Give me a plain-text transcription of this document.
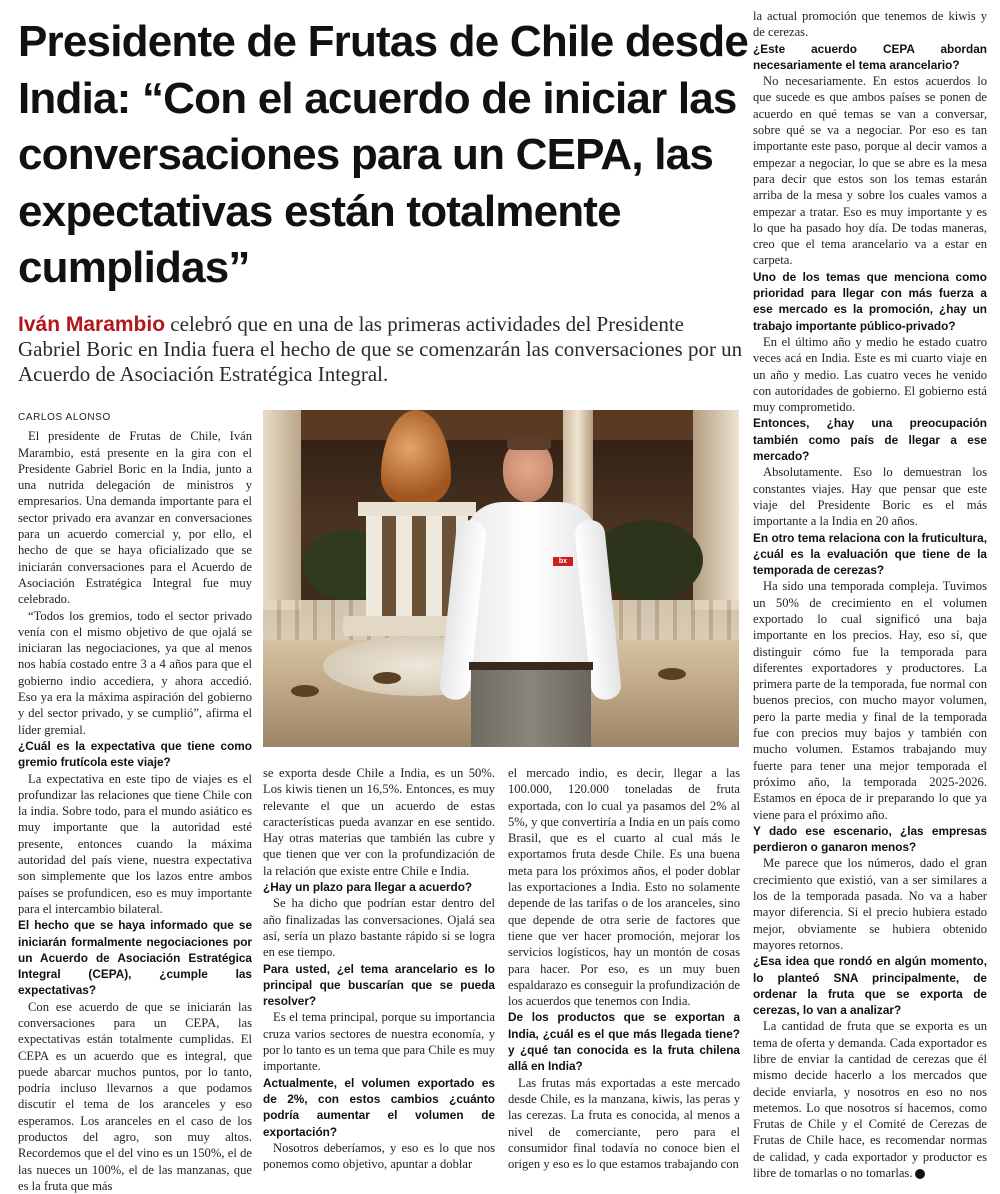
Presidente de Frutas de Chile desde India: “Con el acuerdo de iniciar las conversaciones para un CEPA, las expectativas están totalmente cumplidas”

Iván Marambio celebró que en una de las primeras actividades del Presidente Gabriel Boric en India fuera el hecho de que se comenzarán las conversaciones por un Acuerdo de Asociación Estratégica Integral.

CARLOS ALONSO

El presidente de Frutas de Chile, Iván Marambio, está presente en la gira con el Presidente Gabriel Boric en la India, junto a una nutrida delegación de ministros y empresarios. Una demanda importante para el sector privado era avanzar en conversaciones para un acuerdo comercial y, por ello, el hecho de que se haya oficializado que se iniciarán conversaciones para el Acuerdo de Asociación Estratégica Integral fue muy celebrado.

“Todos los gremios, todo el sector privado venía con el mismo objetivo de que ojalá se iniciaran las negociaciones, ya que al menos nos había costado entre 3 a 4 años para que el gobierno indio accediera, y ahora accedió. Eso ya era la máxima aspiración del gobierno y del sector privado, y se cumplió”, afirma el líder gremial.

¿Cuál es la expectativa que tiene como gremio frutícola este viaje?

La expectativa en este tipo de viajes es el profundizar las relaciones que tiene Chile con la india. Sobre todo, para el mundo asiático es muy importante que la autoridad esté presente, entonces cuando la máxima autoridad del país viene, nuestra expectativa son simplemente que los lazos entre ambos países se profundicen, eso es muy importante para el intercambio bilateral.

El hecho que se haya informado que se iniciarán formalmente negociaciones por un Acuerdo de Asociación Estratégica Integral (CEPA), ¿cumple las expectativas?

Con ese acuerdo de que se iniciarán las conversaciones para un CEPA, las expectativas están totalmente cumplidas. El CEPA es un acuerdo que es integral, que puede abarcar muchos puntos, por lo tanto, podría incluso llevarnos a que podamos discutir el tema de los aranceles y eso esperamos. Los aranceles en el caso de los productos del agro, son muy altos. Recordemos que el del vino es un 150%, el de las nueces un 100%, el de las manzanas, que es la fruta que más

se exporta desde Chile a India, es un 50%. Los kiwis tienen un 16,5%. Entonces, es muy relevante el que un acuerdo de estas características pueda avanzar en ese sentido. Hay otras materias que también las cubre y que tienen que ver con la profundización de la relación que existe entre Chile e India.

¿Hay un plazo para llegar a acuerdo?

Se ha dicho que podrían estar dentro del año finalizadas las conversaciones. Ojalá sea así, sería un plazo bastante rápido si se logra en ese tiempo.

Para usted, ¿el tema arancelario es lo principal que buscarían que se pueda resolver?

Es el tema principal, porque su importancia cruza varios sectores de nuestra economía, y por lo tanto es un tema que para Chile es muy importante.

Actualmente, el volumen exportado es de 2%, con estos cambios ¿cuánto podría aumentar el volumen de exportación?

Nosotros deberíamos, y eso es lo que nos ponemos como objetivo, apuntar a doblar

el mercado indio, es decir, llegar a las 100.000, 120.000 toneladas de fruta exportada, con lo cual ya pasamos del 2% al 5%, y que convertiría a India en un país como Brasil, que es el cuarto al cual más le exportamos fruta desde Chile. Es una buena meta para los próximos años, el poder doblar las exportaciones a India. Esto no solamente depende de las tarifas o de los aranceles, sino que depende de otra serie de factores que tiene que ver hacer promoción, mejorar los servicios logísticos, hay un montón de cosas para hacer. Por eso, es un muy buen espaldarazo es conseguir la profundización de los acuerdos que tenemos con India.

De los productos que se exportan a India, ¿cuál es el que más llegada tiene? y ¿qué tan conocida es la fruta chilena allá en India?

Las frutas más exportadas a este mercado desde Chile, es la manzana, kiwis, las peras y las cerezas. La fruta es conocida, al menos a nivel de comerciante, pero para el consumidor final todavía no conoce bien el origen y eso es lo que estamos trabajando con

la actual promoción que tenemos de kiwis y de cerezas.

¿Este acuerdo CEPA abordan necesariamente el tema arancelario?

No necesariamente. En estos acuerdos lo que sucede es que ambos países se ponen de acuerdo en qué temas se van a conversar, sobre qué se va a negociar. Por eso es tan importante este paso, porque al decir vamos a empezar a negociar, lo que se abre es la mesa para decir que estos son los temas estarán arriba de la mesa y sobre los cuales vamos a empezar a tratar. Eso es muy importante y es lo que ha pasado hoy día. De todas maneras, creo que el tema arancelario va a estar en carpeta.

Uno de los temas que menciona como prioridad para llegar con más fuerza a ese mercado es la promoción, ¿hay un trabajo importante público-privado?

En el último año y medio he estado cuatro veces acá en India. Este es mi cuarto viaje en un año y medio. Las cuatro veces he venido con autoridades de gobierno. El gobierno está muy comprometido.

Entonces, ¿hay una preocupación también como país de llegar a ese mercado?

Absolutamente. Eso lo demuestran los constantes viajes. Hay que pensar que este viaje del Presidente Boric es el más importante a la India en 20 años.

En otro tema relaciona con la fruticultura, ¿cuál es la evaluación que tiene de la temporada de cerezas?

Ha sido una temporada compleja. Tuvimos un 50% de crecimiento en el volumen exportado lo cual significó una baja importante en los precios. Hay, eso sí, que distinguir cómo fue la temporada para diferentes exportadores y productores. La primera parte de la temporada, fue normal con buenos precios, con mucho mayor volumen, pero la parte media y final de la temporada fue con precios muy bajos y también con mucho volumen. Estamos trabajando muy fuerte para tener una mejor temporada el próximo año, la temporada 2025-2026. Estamos en época de ir preparando lo que ya viene para el próximo año.

Y dado ese escenario, ¿las empresas perdieron o ganaron menos?

Me parece que los números, dado el gran crecimiento que existió, van a ser similares a los de la temporada pasada. No va a haber mayor diferencia. Si el precio hubiera estado mejor, obviamente se hubiera obtenido mayores retornos.

¿Esa idea que rondó en algún momento, lo planteó SNA principalmente, de ordenar la fruta que se exporta de cerezas, lo van a analizar?

La cantidad de fruta que se exporta es un tema de oferta y demanda. Cada exportador es libre de enviar la cantidad de cerezas que él mismo decide hacerlo a los mercados que decide enviarla, y nosotros en eso no nos metemos. Lo que nosotros sí hacemos, como Frutas de Chile y el Comité de Cerezas de Frutas de Chile hace, es recomendar normas de calidad, y cada exportador y productor es libre de tomarlas o no tomarlas.

bx
